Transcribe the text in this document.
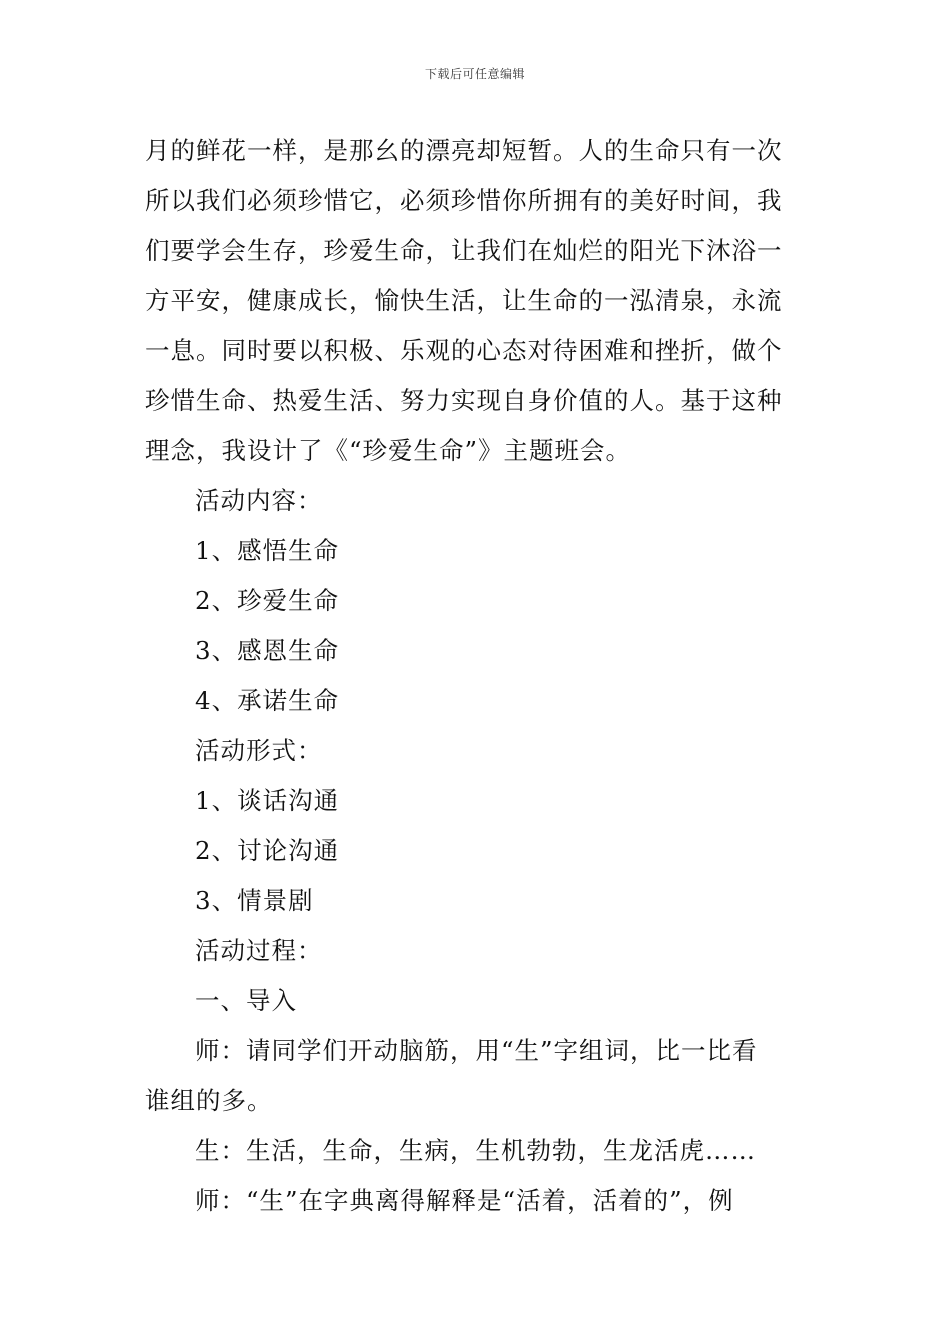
下载后可任意编辑

月的鲜花一样，是那幺的漂亮却短暂。人的生命只有一次

所以我们必须珍惜它，必须珍惜你所拥有的美好时间，我

们要学会生存，珍爱生命，让我们在灿烂的阳光下沐浴一

方平安，健康成长，愉快生活，让生命的一泓清泉，永流

一息。同时要以积极、乐观的心态对待困难和挫折，做个

珍惜生命、热爱生活、努力实现自身价值的人。基于这种

理念，我设计了《“珍爱生命”》主题班会。

活动内容：

1、感悟生命

2、珍爱生命

3、感恩生命

4、承诺生命

活动形式：

1、谈话沟通

2、讨论沟通

3、情景剧

活动过程：

一、导入

师：请同学们开动脑筋，用“生”字组词，比一比看

谁组的多。

生：生活，生命，生病，生机勃勃，生龙活虎……

师：“生”在字典离得解释是“活着，活着的”，例
